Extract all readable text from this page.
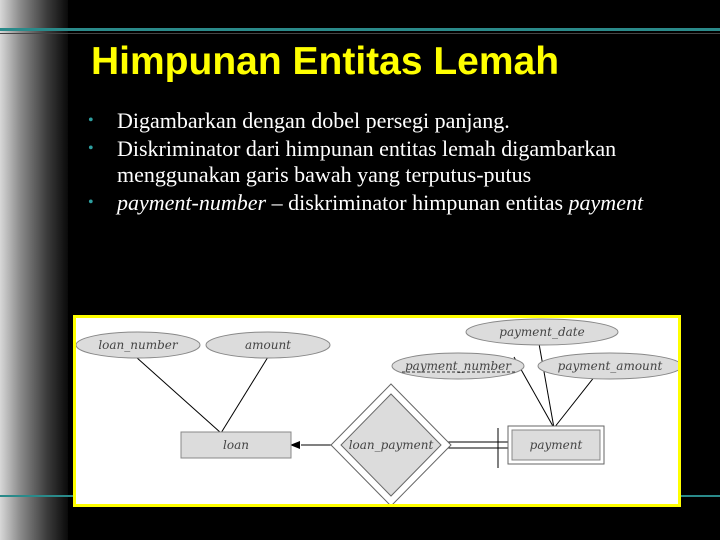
Himpunan Entitas Lemah
• Digambarkan dengan dobel persegi panjang.
• Diskriminator dari himpunan entitas lemah digambarkan menggunakan garis bawah yang terputus-putus
• payment-number – diskriminator himpunan entitas payment
loan_number	amount
payment_date
payment_number	payment_amount
loan	loan_payment	payment
